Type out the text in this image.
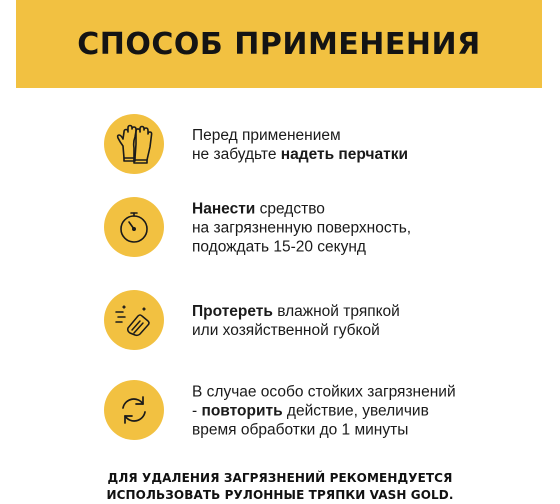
СПОСОБ ПРИМЕНЕНИЯ
Перед применением
не забудьте надеть перчатки
Нанести средство
на загрязненную поверхность,
подождать 15-20 секунд
Протереть влажной тряпкой
или хозяйственной губкой
В случае особо стойких загрязнений
- повторить действие, увеличив
время обработки до 1 минуты
ДЛЯ УДАЛЕНИЯ ЗАГРЯЗНЕНИЙ РЕКОМЕНДУЕТСЯ
ИСПОЛЬЗОВАТЬ РУЛОННЫЕ ТРЯПКИ VASH GOLD.
